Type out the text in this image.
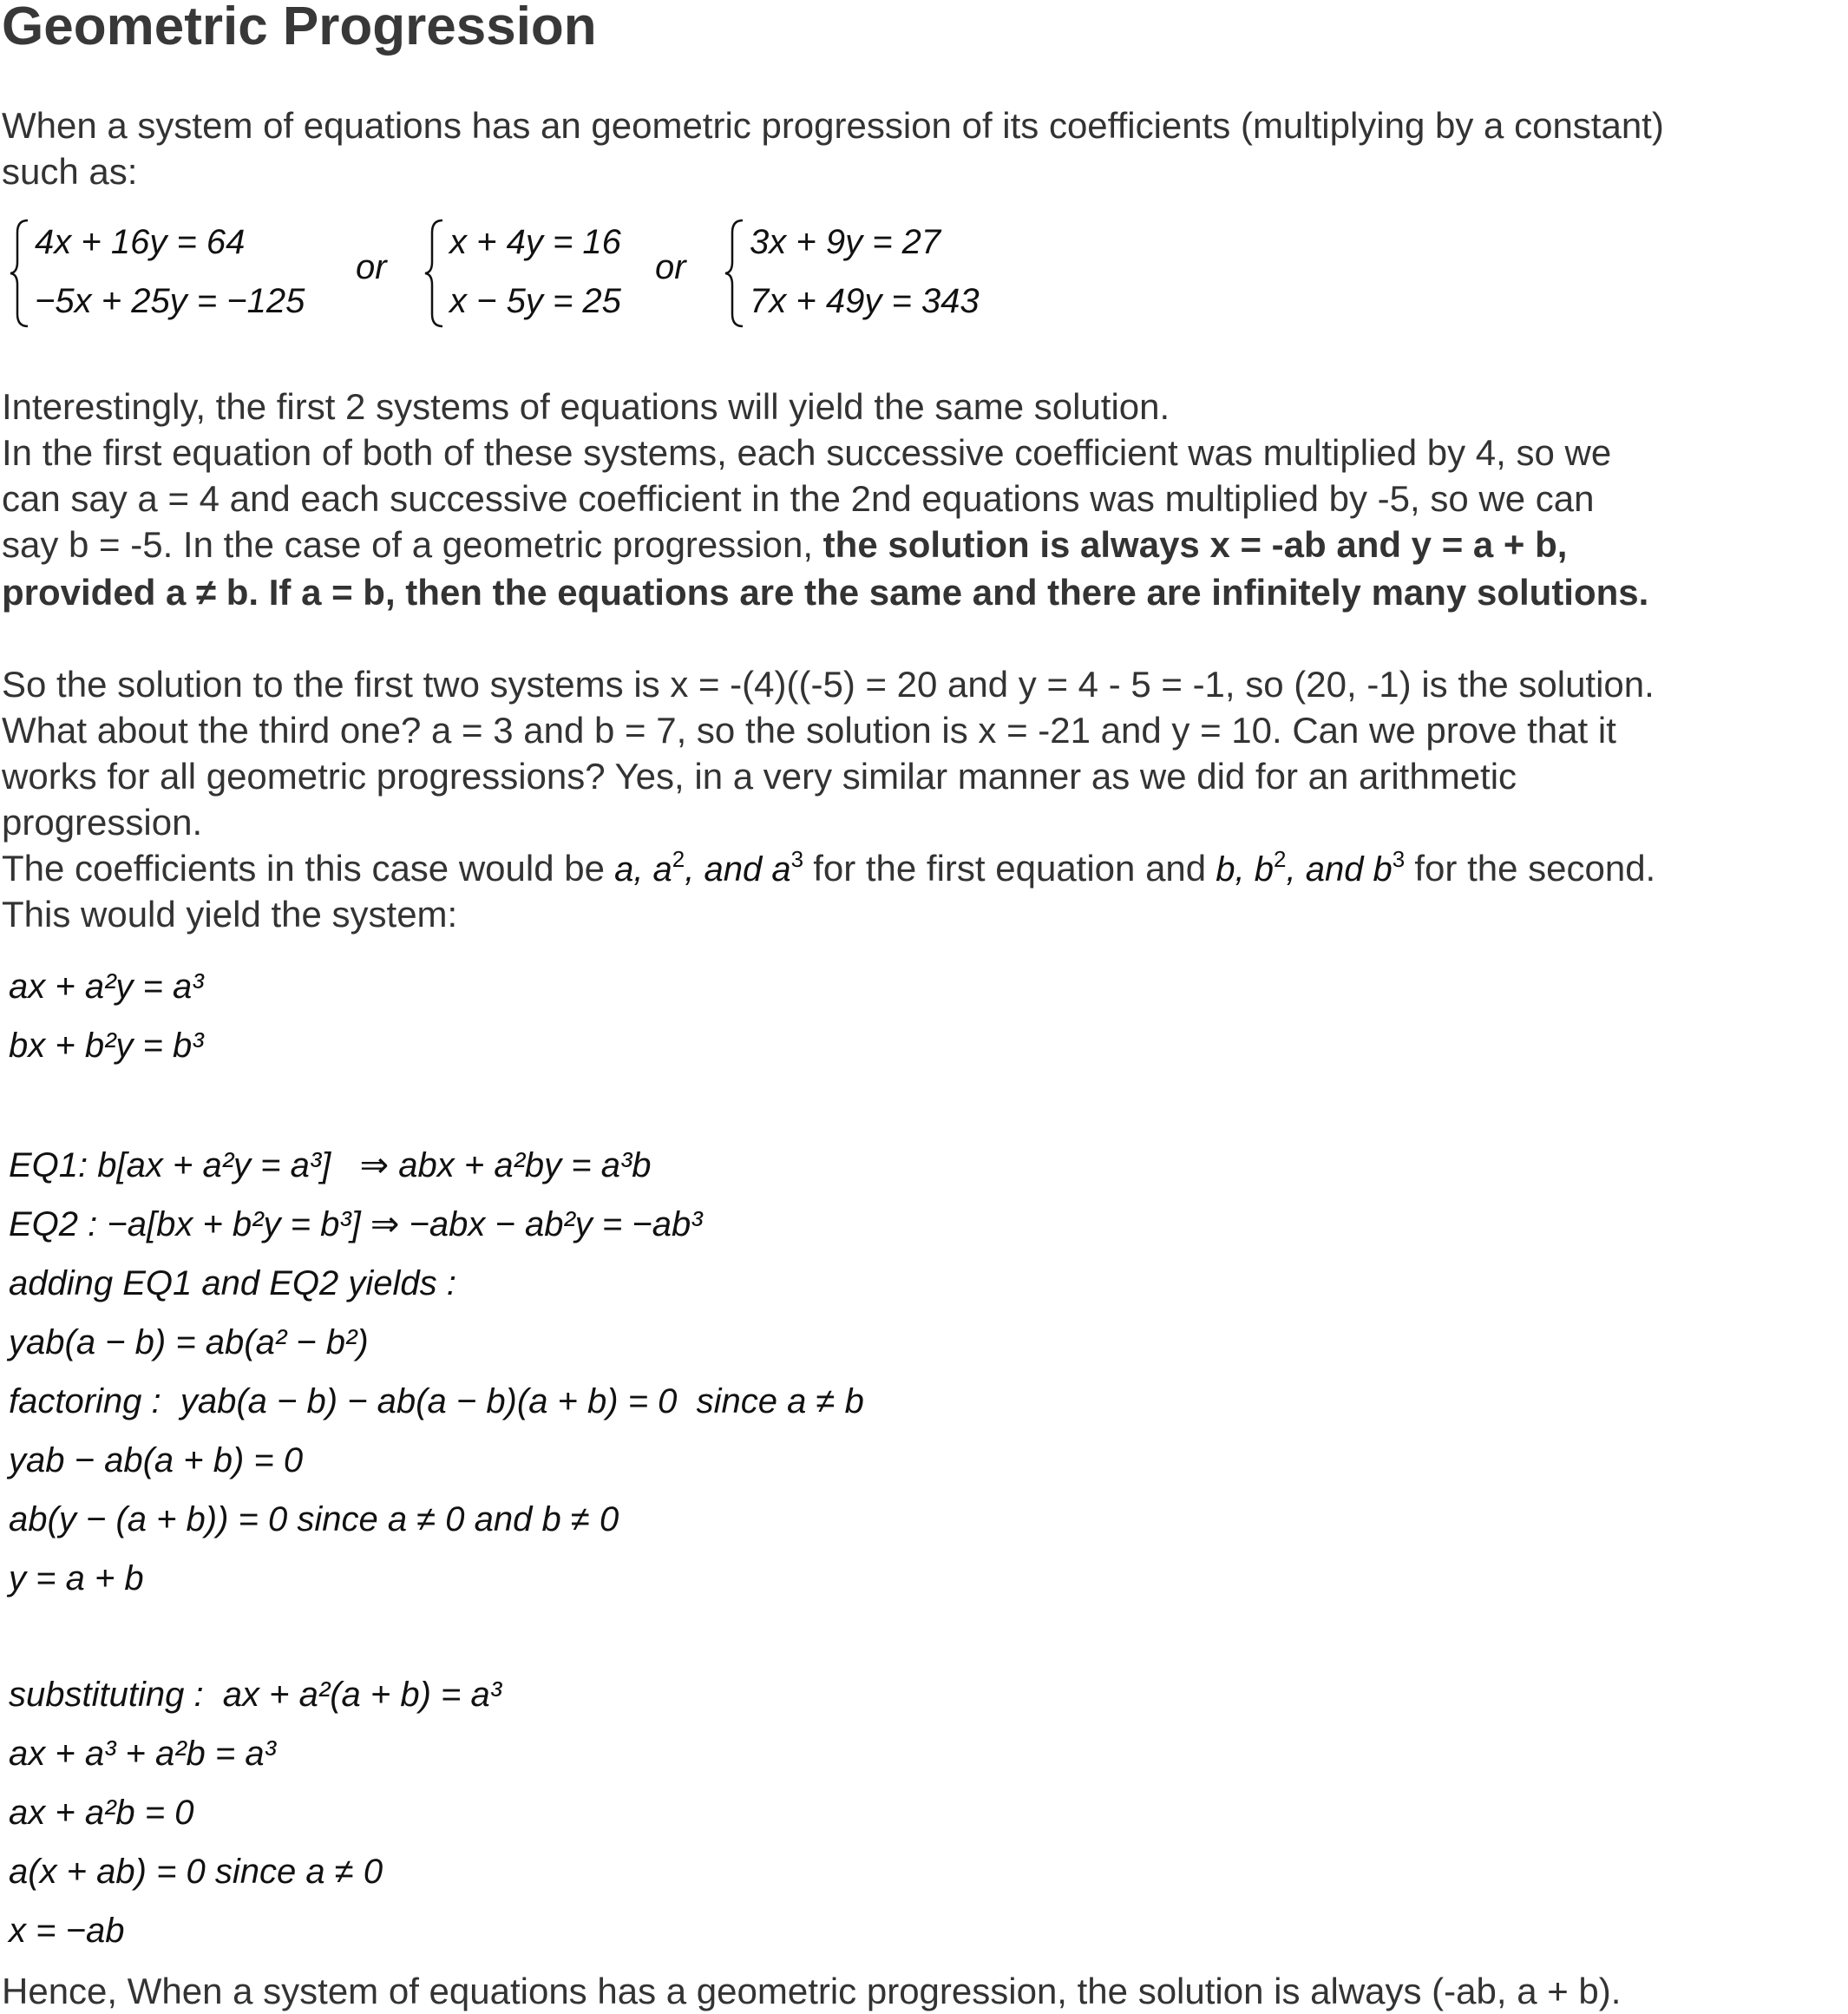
Geometric Progression

When a system of equations has an geometric progression of its coefficients (multiplying by a constant)

such as:

4x + 16y = 64

−5x + 25y = −125

or

x + 4y = 16

x − 5y = 25

or

3x + 9y = 27

7x + 49y = 343

Interestingly, the first 2 systems of equations will yield the same solution.

In the first equation of both of these systems, each successive coefficient was multiplied by 4, so we

can say a = 4 and each successive coefficient in the 2nd equations was multiplied by -5, so we can

say b = -5. In the case of a geometric progression, the solution is always x = -ab and y = a + b,

provided a ≠ b. If a = b, then the equations are the same and there are infinitely many solutions.

So the solution to the first two systems is x = -(4)((-5) = 20 and y = 4 - 5 = -1, so (20, -1) is the solution.

What about the third one? a = 3 and b = 7, so the solution is x = -21 and y = 10. Can we prove that it

works for all geometric progressions? Yes, in a very similar manner as we did for an arithmetic

progression.

The coefficients in this case would be a, $a^2$, and $a^3$ for the first equation and b, $b^2$, and $b^3$ for the second.

This would yield the system:

ax + a²y = a³
bx + b²y = b³
EQ1: b[ax + a²y = a³]   ⇒ abx + a²by = a³b
EQ2 : −a[bx + b²y = b³] ⇒ −abx − ab²y = −ab³
adding EQ1 and EQ2 yields :
yab(a − b) = ab(a² − b²)
factoring :  yab(a − b) − ab(a − b)(a + b) = 0  since a ≠ b
yab − ab(a + b) = 0
ab(y − (a + b)) = 0 since a ≠ 0 and b ≠ 0
y = a + b
substituting :  ax + a²(a + b) = a³
ax + a³ + a²b = a³
ax + a²b = 0
a(x + ab) = 0 since a ≠ 0
x = −ab

Hence, When a system of equations has a geometric progression, the solution is always (-ab, a + b).
